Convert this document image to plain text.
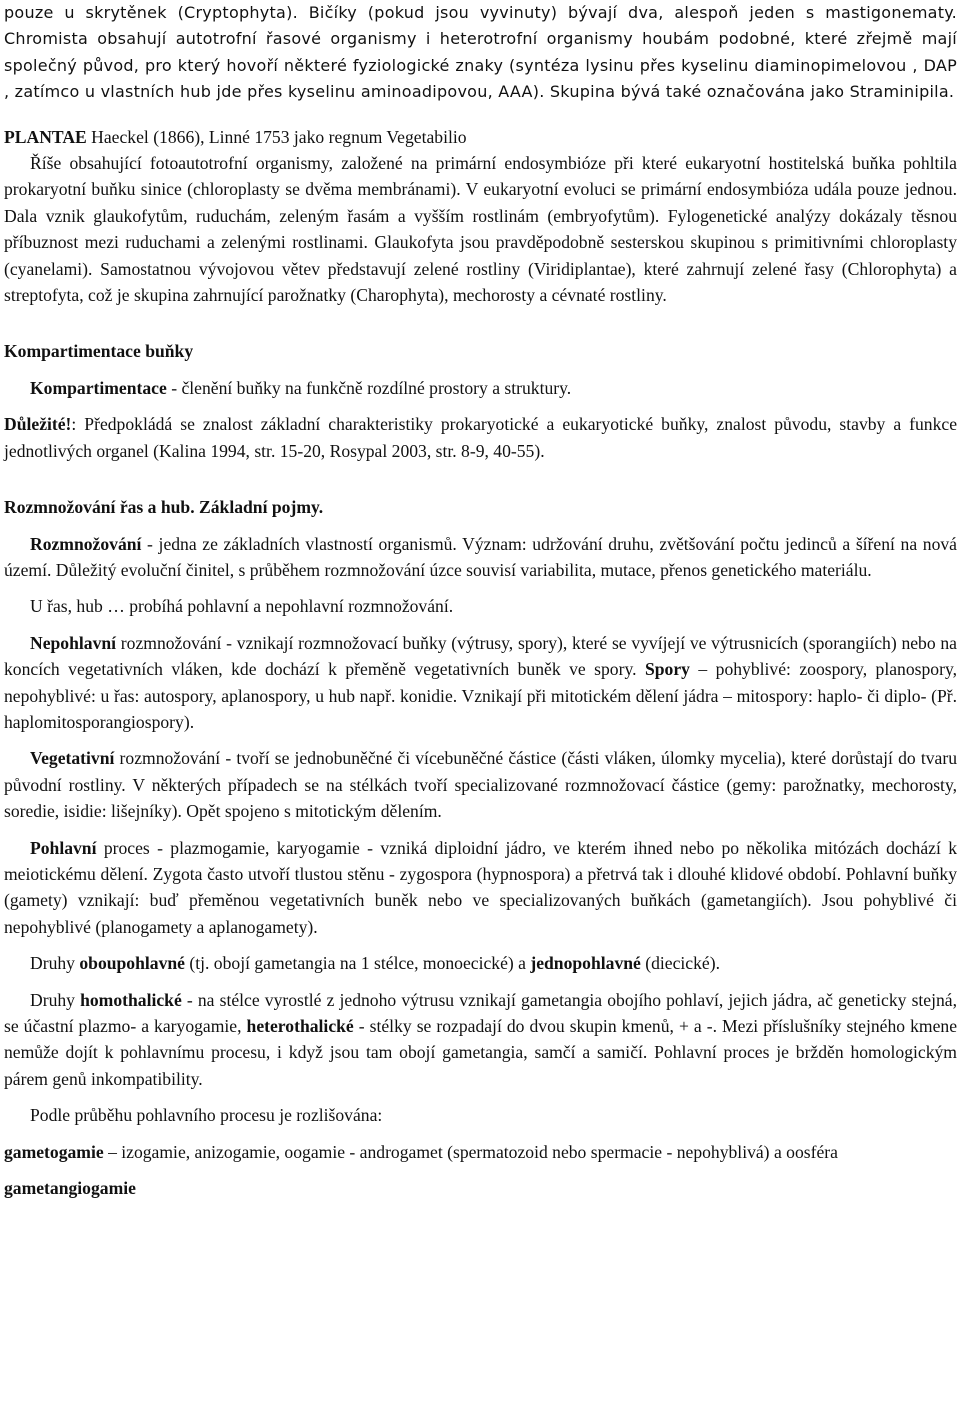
pouze u skrytěnek (Cryptophyta). Bičíky (pokud jsou vyvinuty) bývají dva, alespoň jeden s mastigonematy. Chromista obsahují autotrofní řasové organismy i heterotrofní organismy houbám podobné, které zřejmě mají společný původ, pro který hovoří některé fyziologické znaky (syntéza lysinu přes kyselinu diaminopimelovou , DAP , zatímco u vlastních hub jde přes kyselinu aminoadipovou, AAA). Skupina bývá také označována jako Straminipila.

PLANTAE Haeckel (1866), Linné 1753 jako regnum Vegetabilio

Říše obsahující fotoautotrofní organismy, založené na primární endosymbióze při které eukaryotní hostitelská buňka pohltila prokaryotní buňku sinice (chloroplasty se dvěma membránami). V eukaryotní evoluci se primární endosymbióza udála pouze jednou. Dala vznik glaukofytům, ruduchám, zeleným řasám a vyšším rostlinám (embryofytům). Fylogenetické analýzy dokázaly těsnou příbuznost mezi ruduchami a zelenými rostlinami. Glaukofyta jsou pravděpodobně sesterskou skupinou s primitivními chloroplasty (cyanelami). Samostatnou vývojovou větev představují zelené rostliny (Viridiplantae), které zahrnují zelené řasy (Chlorophyta) a streptofyta, což je skupina zahrnující parožnatky (Charophyta), mechorosty a cévnaté rostliny.

Kompartimentace buňky

Kompartimentace - členění buňky na funkčně rozdílné prostory a struktury.

Důležité!: Předpokládá se znalost základní charakteristiky prokaryotické a eukaryotické buňky, znalost původu, stavby a funkce jednotlivých organel (Kalina 1994, str. 15-20, Rosypal 2003, str. 8-9, 40-55).

Rozmnožování řas a hub. Základní pojmy.

Rozmnožování - jedna ze základních vlastností organismů. Význam: udržování druhu, zvětšování počtu jedinců a šíření na nová území. Důležitý evoluční činitel, s průběhem rozmnožování úzce souvisí variabilita, mutace, přenos genetického materiálu.

U řas, hub … probíhá pohlavní a nepohlavní rozmnožování.

Nepohlavní rozmnožování - vznikají rozmnožovací buňky (výtrusy, spory), které se vyvíjejí ve výtrusnicích (sporangiích) nebo na koncích vegetativních vláken, kde dochází k přeměně vegetativních buněk ve spory. Spory – pohyblivé: zoospory, planospory, nepohyblivé: u řas: autospory, aplanospory, u hub např. konidie. Vznikají při mitotickém dělení jádra – mitospory: haplo- či diplo- (Př. haplomitosporangiospory).

Vegetativní rozmnožování - tvoří se jednobuněčné či vícebuněčné částice (části vláken, úlomky mycelia), které dorůstají do tvaru původní rostliny. V některých případech se na stélkách tvoří specializované rozmnožovací částice (gemy: parožnatky, mechorosty, soredie, isidie: lišejníky). Opět spojeno s mitotickým dělením.

Pohlavní proces - plazmogamie, karyogamie - vzniká diploidní jádro, ve kterém ihned nebo po několika mitózách dochází k meiotickému dělení. Zygota často utvoří tlustou stěnu - zygospora (hypnospora) a přetrvá tak i dlouhé klidové období. Pohlavní buňky (gamety) vznikají: buď přeměnou vegetativních buněk nebo ve specializovaných buňkách (gametangiích). Jsou pohyblivé či nepohyblivé (planogamety a aplanogamety).

Druhy oboupohlavné (tj. obojí gametangia na 1 stélce, monoecické) a jednopohlavné (diecické).

Druhy homothalické - na stélce vyrostlé z jednoho výtrusu vznikají gametangia obojího pohlaví, jejich jádra, ač geneticky stejná, se účastní plazmo- a karyogamie, heterothalické - stélky se rozpadají do dvou skupin kmenů, + a -. Mezi příslušníky stejného kmene nemůže dojít k pohlavnímu procesu, i když jsou tam obojí gametangia, samčí a samičí. Pohlavní proces je bržděn homologickým párem genů inkompatibility.

Podle průběhu pohlavního procesu je rozlišována:

gametogamie – izogamie, anizogamie, oogamie - androgamet (spermatozoid nebo spermacie - nepohyblivá) a oosféra

gametangiogamie
